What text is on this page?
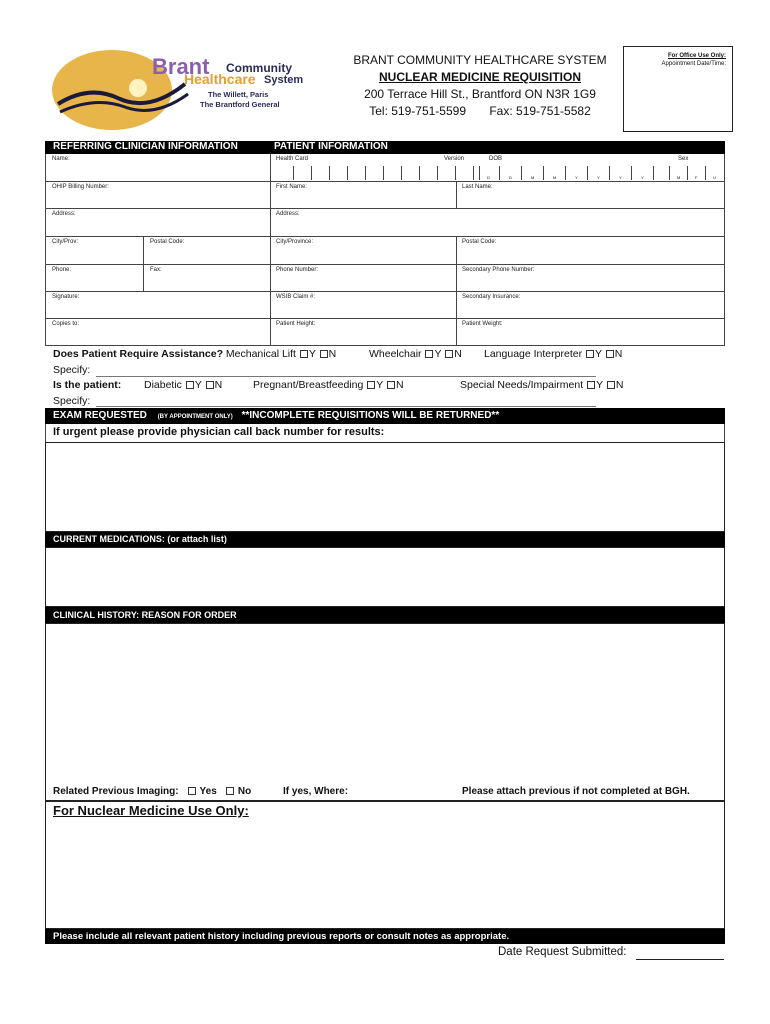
Brant Community
Healthcare System
The Willett, Paris
The Brantford General
BRANT COMMUNITY HEALTHCARE SYSTEM
NUCLEAR MEDICINE REQUISITION
200 Terrace Hill St., Brantford ON N3R 1G9
Tel: 519-751-5599 Fax: 519-751-5582
For Office Use Only:
Appointment Date/Time:
REFERRING CLINICIAN INFORMATION	PATIENT INFORMATION
Name:	Health Card	Version	DOB	Sex
D	D	M	M	Y	Y	Y	Y	M	F	U
OHIP Billing Number:	First Name:	Last Name:
Address:	Address:
City/Prov:	Postal Code:	City/Province:	Postal Code:
Phone:	Fax:	Phone Number:	Secondary Phone Number:
Signature:	WSIB Claim #:	Secondary Insurance:
Copies to:	Patient Height:	Patient Weight:
Does Patient Require Assistance? Mechanical Lift Y N	Wheelchair Y N Language Interpreter Y N
Specify:
Is the patient: Diabetic Y N	Pregnant/Breastfeeding Y N	Special Needs/Impairment Y N
Specify:
EXAM REQUESTED (BY APPOINTMENT ONLY) **INCOMPLETE REQUISITIONS WILL BE RETURNED**
If urgent please provide physician call back number for results:
CURRENT MEDICATIONS: (or attach list)
CLINICAL HISTORY: REASON FOR ORDER
Related Previous Imaging: Yes No	If yes, Where:	Please attach previous if not completed at BGH.
For Nuclear Medicine Use Only:
Please include all relevant patient history including previous reports or consult notes as appropriate.
Date Request Submitted:
